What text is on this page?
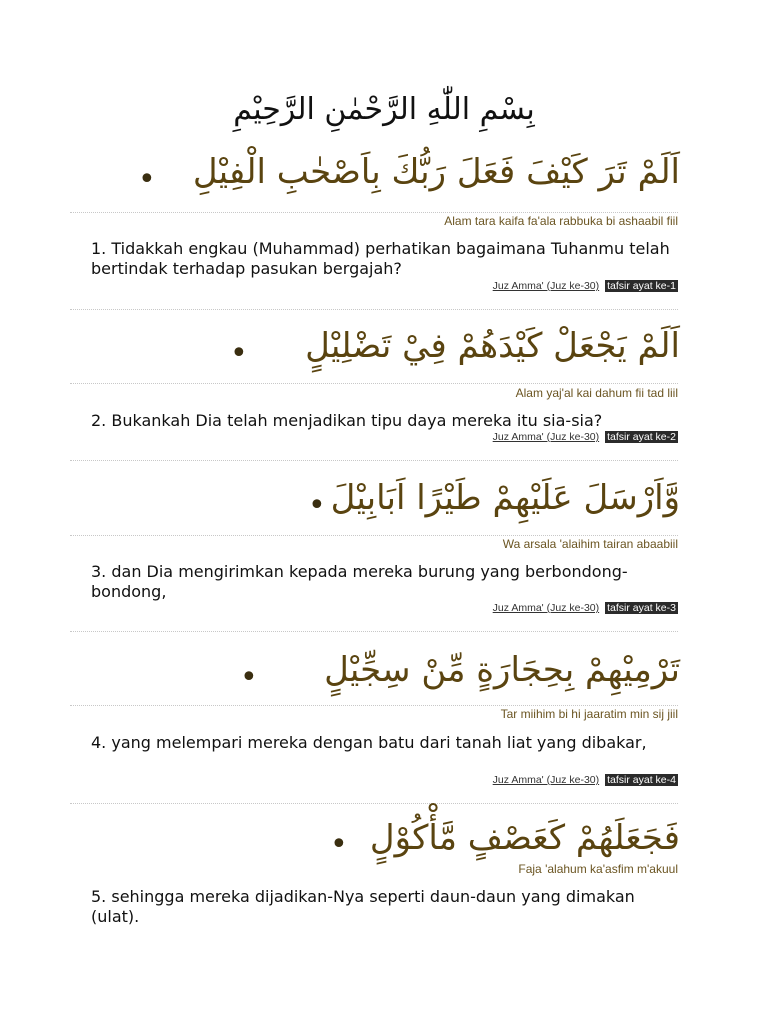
بِسْمِ اللّٰهِ الرَّحْمٰنِ الرَّحِيْمِ
اَلَمْ تَرَ كَيْفَ فَعَلَ رَبُّكَ بِاَصْحٰبِ الْفِيْلِ
•
Alam tara kaifa fa'ala rabbuka bi ashaabil fiil
1. Tidakkah engkau (Muhammad) perhatikan bagaimana Tuhanmu telah bertindak terhadap pasukan bergajah?
Juz Amma' (Juz ke-30) tafsir ayat ke-1
اَلَمْ يَجْعَلْ كَيْدَهُمْ فِيْ تَضْلِيْلٍ
•
Alam yaj'al kai dahum fii tad liil
2. Bukankah Dia telah menjadikan tipu daya mereka itu sia-sia?
Juz Amma' (Juz ke-30) tafsir ayat ke-2
وَّاَرْسَلَ عَلَيْهِمْ طَيْرًا اَبَابِيْلَ
•
Wa arsala 'alaihim tairan abaabiil
3. dan Dia mengirimkan kepada mereka burung yang berbondong-bondong,
Juz Amma' (Juz ke-30) tafsir ayat ke-3
تَرْمِيْهِمْ بِحِجَارَةٍ مِّنْ سِجِّيْلٍ
•
Tar miihim bi hi jaaratim min sij jiil
4. yang melempari mereka dengan batu dari tanah liat yang dibakar,
Juz Amma' (Juz ke-30) tafsir ayat ke-4
فَجَعَلَهُمْ كَعَصْفٍ مَّأْكُوْلٍ
•
Faja 'alahum ka'asfim m'akuul
5. sehingga mereka dijadikan-Nya seperti daun-daun yang dimakan (ulat).
